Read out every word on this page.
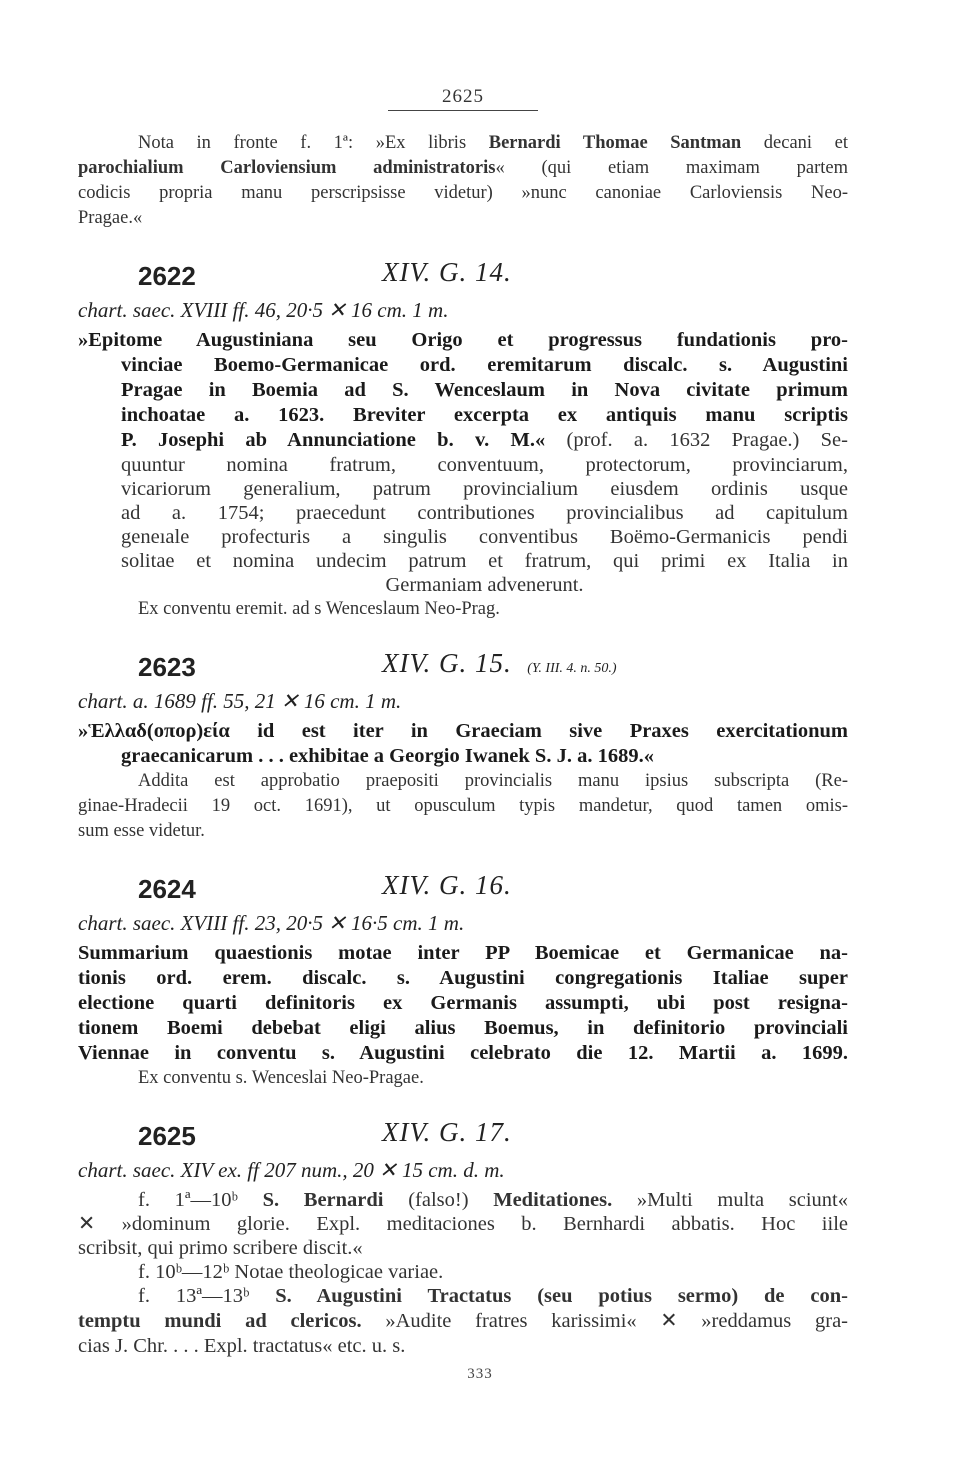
2625

Nota in fronte f. 1ª: »Ex libris Bernardi Thomae Santman decani et

parochialium Carloviensium administratoris« (qui etiam maximam partem

codicis propria manu perscripsisse videtur) »nunc canoniae Carloviensis Neo-

Pragae.«

2622	XIV. G. 14.

chart. saec. XVIII ff. 46, 20·5 ✕ 16 cm. 1 m.

»Epitome Augustiniana seu Origo et progressus fundationis pro-

vinciae Boemo-Germanicae ord. eremitarum discalc. s. Augustini

Pragae in Boemia ad S. Wenceslaum in Nova civitate primum

inchoatae a. 1623. Breviter excerpta ex antiquis manu scriptis

P. Josephi ab Annunciatione b. v. M.« (prof. a. 1632 Pragae.) Se-

quuntur nomina fratrum, conventuum, protectorum, provinciarum,

vicariorum generalium, patrum provincialium eiusdem ordinis usque

ad a. 1754; praecedunt contributiones provincialibus ad capitulum

geneıale profecturis a singulis conventibus Boëmo-Germanicis pendi

solitae et nomina undecim patrum et fratrum, qui primi ex Italia in

Germaniam advenerunt.

Ex conventu eremit. ad s Wenceslaum Neo-Prag.

2623	XIV. G. 15. (Y. III. 4. n. 50.)

chart. a. 1689 ff. 55, 21 ✕ 16 cm. 1 m.

»Ἑλλαδ(οπορ)εία id est iter in Graeciam sive Praxes exercitationum

graecanicarum . . . exhibitae a Georgio Iwanek S. J. a. 1689.«

Addita est approbatio praepositi provincialis manu ipsius subscripta (Re-

ginae-Hradecii 19 oct. 1691), ut opusculum typis mandetur, quod tamen omis-

sum esse videtur.

2624	XIV. G. 16.

chart. saec. XVIII ff. 23, 20·5 ✕ 16·5 cm. 1 m.

Summarium quaestionis motae inter PP Boemicae et Germanicae na-

tionis ord. erem. discalc. s. Augustini congregationis Italiae super

electione quarti definitoris ex Germanis assumpti, ubi post resigna-

tionem Boemi debebat eligi alius Boemus, in definitorio provinciali

Viennae in conventu s. Augustini celebrato die 12. Martii a. 1699.

Ex conventu s. Wenceslai Neo-Pragae.

2625	XIV. G. 17.

chart. saec. XIV ex. ff 207 num., 20 ✕ 15 cm. d. m.

f. 1ª—10ᵇ S. Bernardi (falso!) Meditationes. »Multi multa sciunt«

✕ »dominum glorie. Expl. meditaciones b. Bernhardi abbatis. Hoc iile

scribsit, qui primo scribere discit.«

f. 10ᵇ—12ᵇ Notae theologicae variae.

f. 13ª—13ᵇ S. Augustini Tractatus (seu potius sermo) de con-

temptu mundi ad clericos. »Audite fratres karissimi« ✕ »reddamus gra-

cias J. Chr. . . . Expl. tractatus« etc. u. s.

333
